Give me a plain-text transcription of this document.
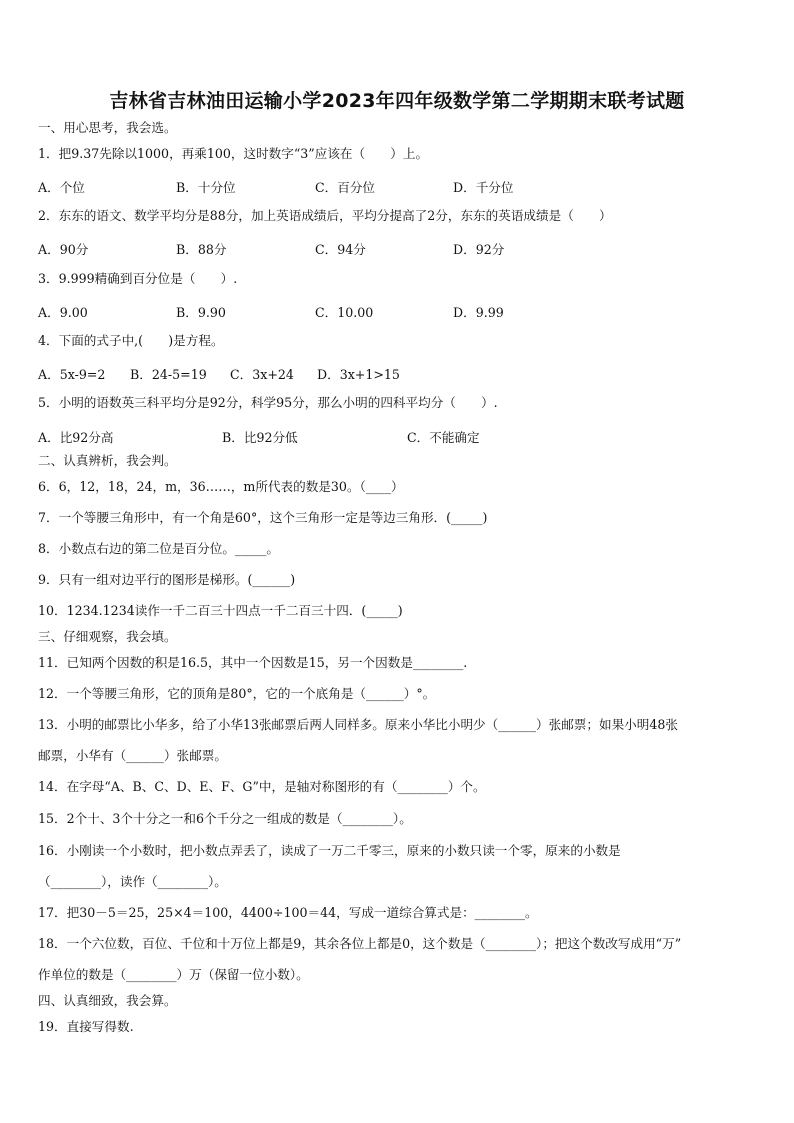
吉林省吉林油田运输小学2023年四年级数学第二学期期末联考试题
一、用心思考，我会选。
1．把9.37先除以1000，再乘100，这时数字“3”应该在（　　）上。
A．个位	B．十分位	C．百分位	D．千分位
2．东东的语文、数学平均分是88分，加上英语成绩后，平均分提高了2分，东东的英语成绩是（　　）
A．90分	B．88分	C．94分	D．92分
3．9.999精确到百分位是（　　）.
A．9.00	B．9.90	C．10.00	D．9.99
4．下面的式子中,(　　)是方程。
A．5x-9=2 B．24-5=19 C．3x+24 D．3x+1>15
5．小明的语数英三科平均分是92分，科学95分，那么小明的四科平均分（　　）.
A．比92分高	B．比92分低	C．不能确定
二、认真辨析，我会判。
6．6，12，18，24，m，36……，m所代表的数是30。（____）
7．一个等腰三角形中，有一个角是60°，这个三角形一定是等边三角形．(_____)
8．小数点右边的第二位是百分位。_____。
9．只有一组对边平行的图形是梯形。(______)
10．1234.1234读作一千二百三十四点一千二百三十四．(_____)
三、仔细观察，我会填。
11．已知两个因数的积是16.5，其中一个因数是15，另一个因数是________.
12．一个等腰三角形，它的顶角是80°，它的一个底角是（______）°。
13．小明的邮票比小华多，给了小华13张邮票后两人同样多。原来小华比小明少（______）张邮票；如果小明48张
邮票，小华有（______）张邮票。
14．在字母“A、B、C、D、E、F、G”中，是轴对称图形的有（________）个。
15．2个十、3个十分之一和6个千分之一组成的数是（________）。
16．小刚读一个小数时，把小数点弄丢了，读成了一万二千零三，原来的小数只读一个零，原来的小数是
（________），读作（________）。
17．把30－5＝25，25×4＝100，4400÷100＝44，写成一道综合算式是：________。
18．一个六位数，百位、千位和十万位上都是9，其余各位上都是0，这个数是（________）；把这个数改写成用“万”
作单位的数是（________）万（保留一位小数）。
四、认真细致，我会算。
19．直接写得数.
